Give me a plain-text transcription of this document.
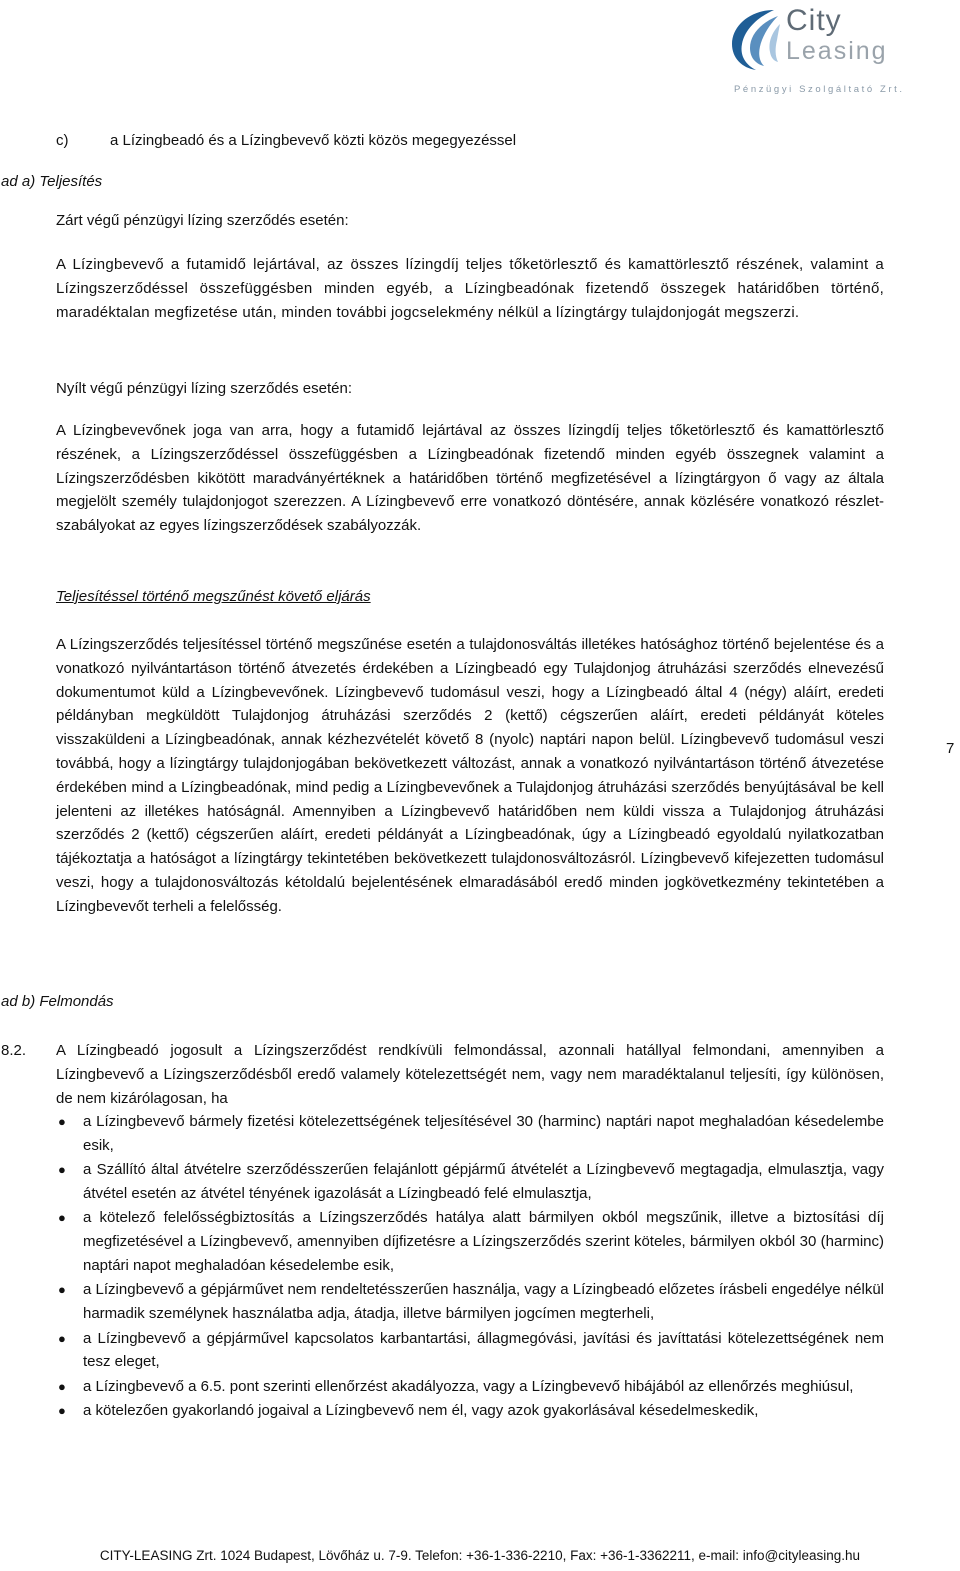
City
Leasing
Pénzügyi Szolgáltató Zrt.
c)	a Lízingbeadó és a Lízingbevevő közti közös megegyezéssel
ad a) Teljesítés
Zárt végű pénzügyi lízing szerződés esetén:
A Lízingbevevő a futamidő lejártával, az összes lízingdíj teljes tőketörlesztő és kamattörlesztő részének, valamint a Lízingszerződéssel összefüggésben minden egyéb, a Lízingbeadónak fizetendő összegek határidőben történő, maradéktalan megfizetése után, minden további jogcselekmény nélkül a lízingtárgy tulajdonjogát megszerzi.
Nyílt végű pénzügyi lízing szerződés esetén:
A Lízingbevevőnek joga van arra, hogy a futamidő lejártával az összes lízingdíj teljes tőketörlesztő és kamattörlesztő részének, a Lízingszerződéssel összefüggésben a Lízingbeadónak fizetendő minden egyéb összegnek valamint a Lízingszerződésben kikötött maradványértéknek a határidőben történő megfizetésével a lízingtárgyon ő vagy az általa megjelölt személy tulajdonjogot szerezzen. A Lízingbevevő erre vonatkozó döntésére, annak közlésére vonatkozó részlet-szabályokat az egyes lízingszerződések szabályozzák.
Teljesítéssel történő megszűnést követő eljárás
A Lízingszerződés teljesítéssel történő megszűnése esetén a tulajdonosváltás illetékes hatósághoz történő bejelentése és a vonatkozó nyilvántartáson történő átvezetés érdekében a Lízingbeadó egy Tulajdonjog átruházási szerződés elnevezésű dokumentumot küld a Lízingbevevőnek. Lízingbevevő tudomásul veszi, hogy a Lízingbeadó által 4 (négy) aláírt, eredeti példányban megküldött Tulajdonjog átruházási szerződés 2 (kettő) cégszerűen aláírt, eredeti példányát köteles visszaküldeni a Lízingbeadónak, annak kézhezvételét követő 8 (nyolc) naptári napon belül. Lízingbevevő tudomásul veszi továbbá, hogy a lízingtárgy tulajdonjogában bekövetkezett változást, annak a vonatkozó nyilvántartáson történő átvezetése érdekében mind a Lízingbeadónak, mind pedig a Lízingbevevőnek a Tulajdonjog átruházási szerződés benyújtásával be kell jelenteni az illetékes hatóságnál. Amennyiben a Lízingbevevő határidőben nem küldi vissza a Tulajdonjog átruházási szerződés 2 (kettő) cégszerűen aláírt, eredeti példányát a Lízingbeadónak, úgy a Lízingbeadó egyoldalú nyilatkozatban tájékoztatja a hatóságot a lízingtárgy tekintetében bekövetkezett tulajdonosváltozásról. Lízingbevevő kifejezetten tudomásul veszi, hogy a tulajdonosváltozás kétoldalú bejelentésének elmaradásából eredő minden jogkövetkezmény tekintetében a Lízingbevevőt terheli a felelősség.
ad b) Felmondás
8.2. A Lízingbeadó jogosult a Lízingszerződést rendkívüli felmondással, azonnali hatállyal felmondani, amennyiben a Lízingbevevő a Lízingszerződésből eredő valamely kötelezettségét nem, vagy nem maradéktalanul teljesíti, így különösen, de nem kizárólagosan, ha
● a Lízingbevevő bármely fizetési kötelezettségének teljesítésével 30 (harminc) naptári napot meghaladóan késedelembe esik,
● a Szállító által átvételre szerződésszerűen felajánlott gépjármű átvételét a Lízingbevevő megtagadja, elmulasztja, vagy átvétel esetén az átvétel tényének igazolását a Lízingbeadó felé elmulasztja,
● a kötelező felelősségbiztosítás a Lízingszerződés hatálya alatt bármilyen okból megszűnik, illetve a biztosítási díj megfizetésével a Lízingbevevő, amennyiben díjfizetésre a Lízingszerződés szerint köteles, bármilyen okból 30 (harminc) naptári napot meghaladóan késedelembe esik,
● a Lízingbevevő a gépjárművet nem rendeltetésszerűen használja, vagy a Lízingbeadó előzetes írásbeli engedélye nélkül harmadik személynek használatba adja, átadja, illetve bármilyen jogcímen megterheli,
● a Lízingbevevő a gépjárművel kapcsolatos karbantartási, állagmegóvási, javítási és javíttatási kötelezettségének nem tesz eleget,
● a Lízingbevevő a 6.5. pont szerinti ellenőrzést akadályozza, vagy a Lízingbevevő hibájából az ellenőrzés meghiúsul,
● a kötelezően gyakorlandó jogaival a Lízingbevevő nem él, vagy azok gyakorlásával késedelmeskedik,
7
CITY-LEASING Zrt. 1024 Budapest, Lövőház u. 7-9. Telefon: +36-1-336-2210, Fax: +36-1-3362211, e-mail: info@cityleasing.hu
